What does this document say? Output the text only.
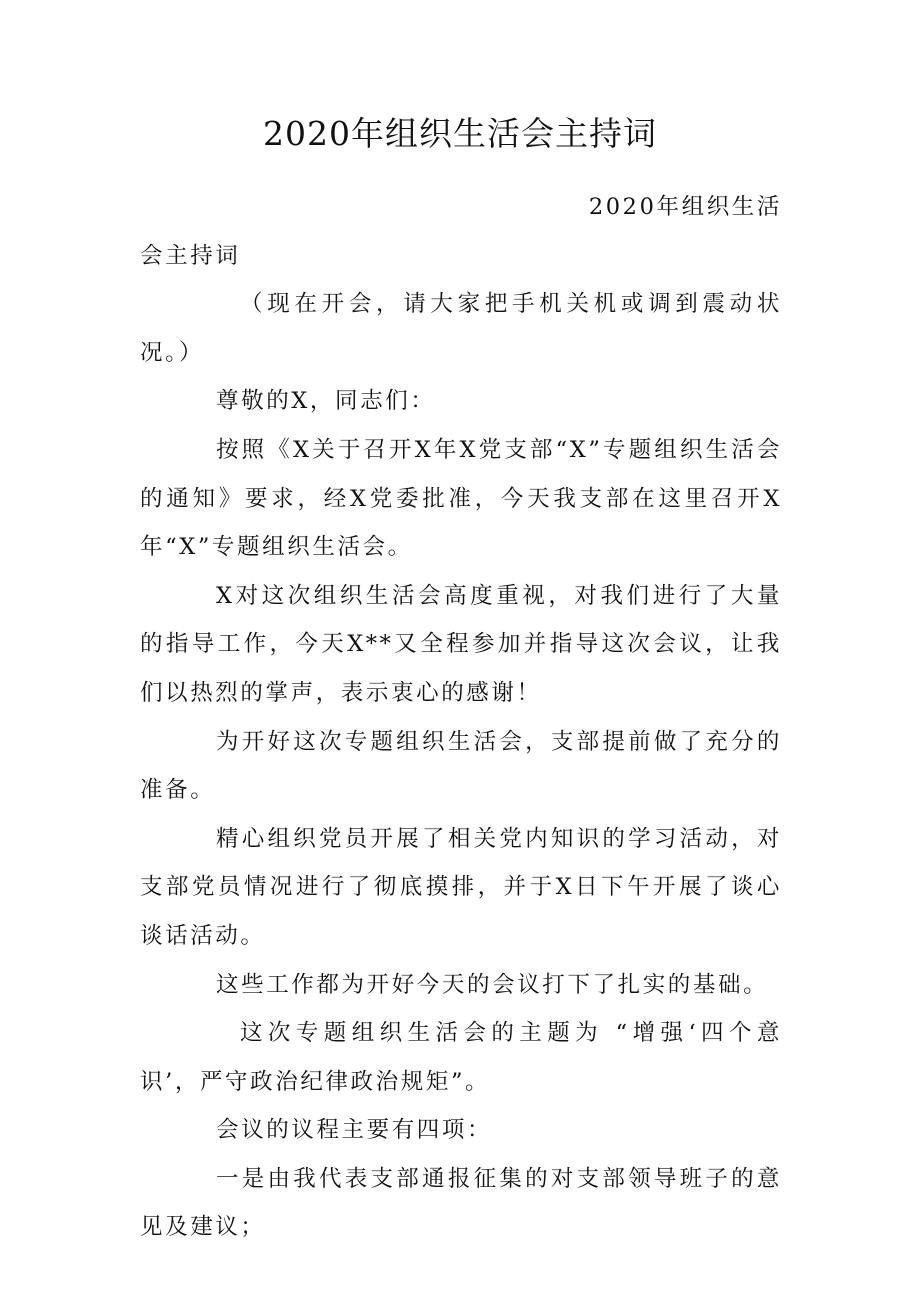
2020年组织生活会主持词

2020年组织生活

会主持词

（现在开会，请大家把手机关机或调到震动状况。）

尊敬的X，同志们：

按照《X关于召开X年X党支部“X”专题组织生活会的通知》要求，经X党委批准，今天我支部在这里召开X年“X”专题组织生活会。

X对这次组织生活会高度重视，对我们进行了大量的指导工作，今天X**又全程参加并指导这次会议，让我们以热烈的掌声，表示衷心的感谢！

为开好这次专题组织生活会，支部提前做了充分的准备。

精心组织党员开展了相关党内知识的学习活动，对支部党员情况进行了彻底摸排，并于X日下午开展了谈心谈话活动。

这些工作都为开好今天的会议打下了扎实的基础。

这次专题组织生活会的主题为 “增强‘四个意识’，严守政治纪律政治规矩”。

会议的议程主要有四项：

一是由我代表支部通报征集的对支部领导班子的意见及建议；
